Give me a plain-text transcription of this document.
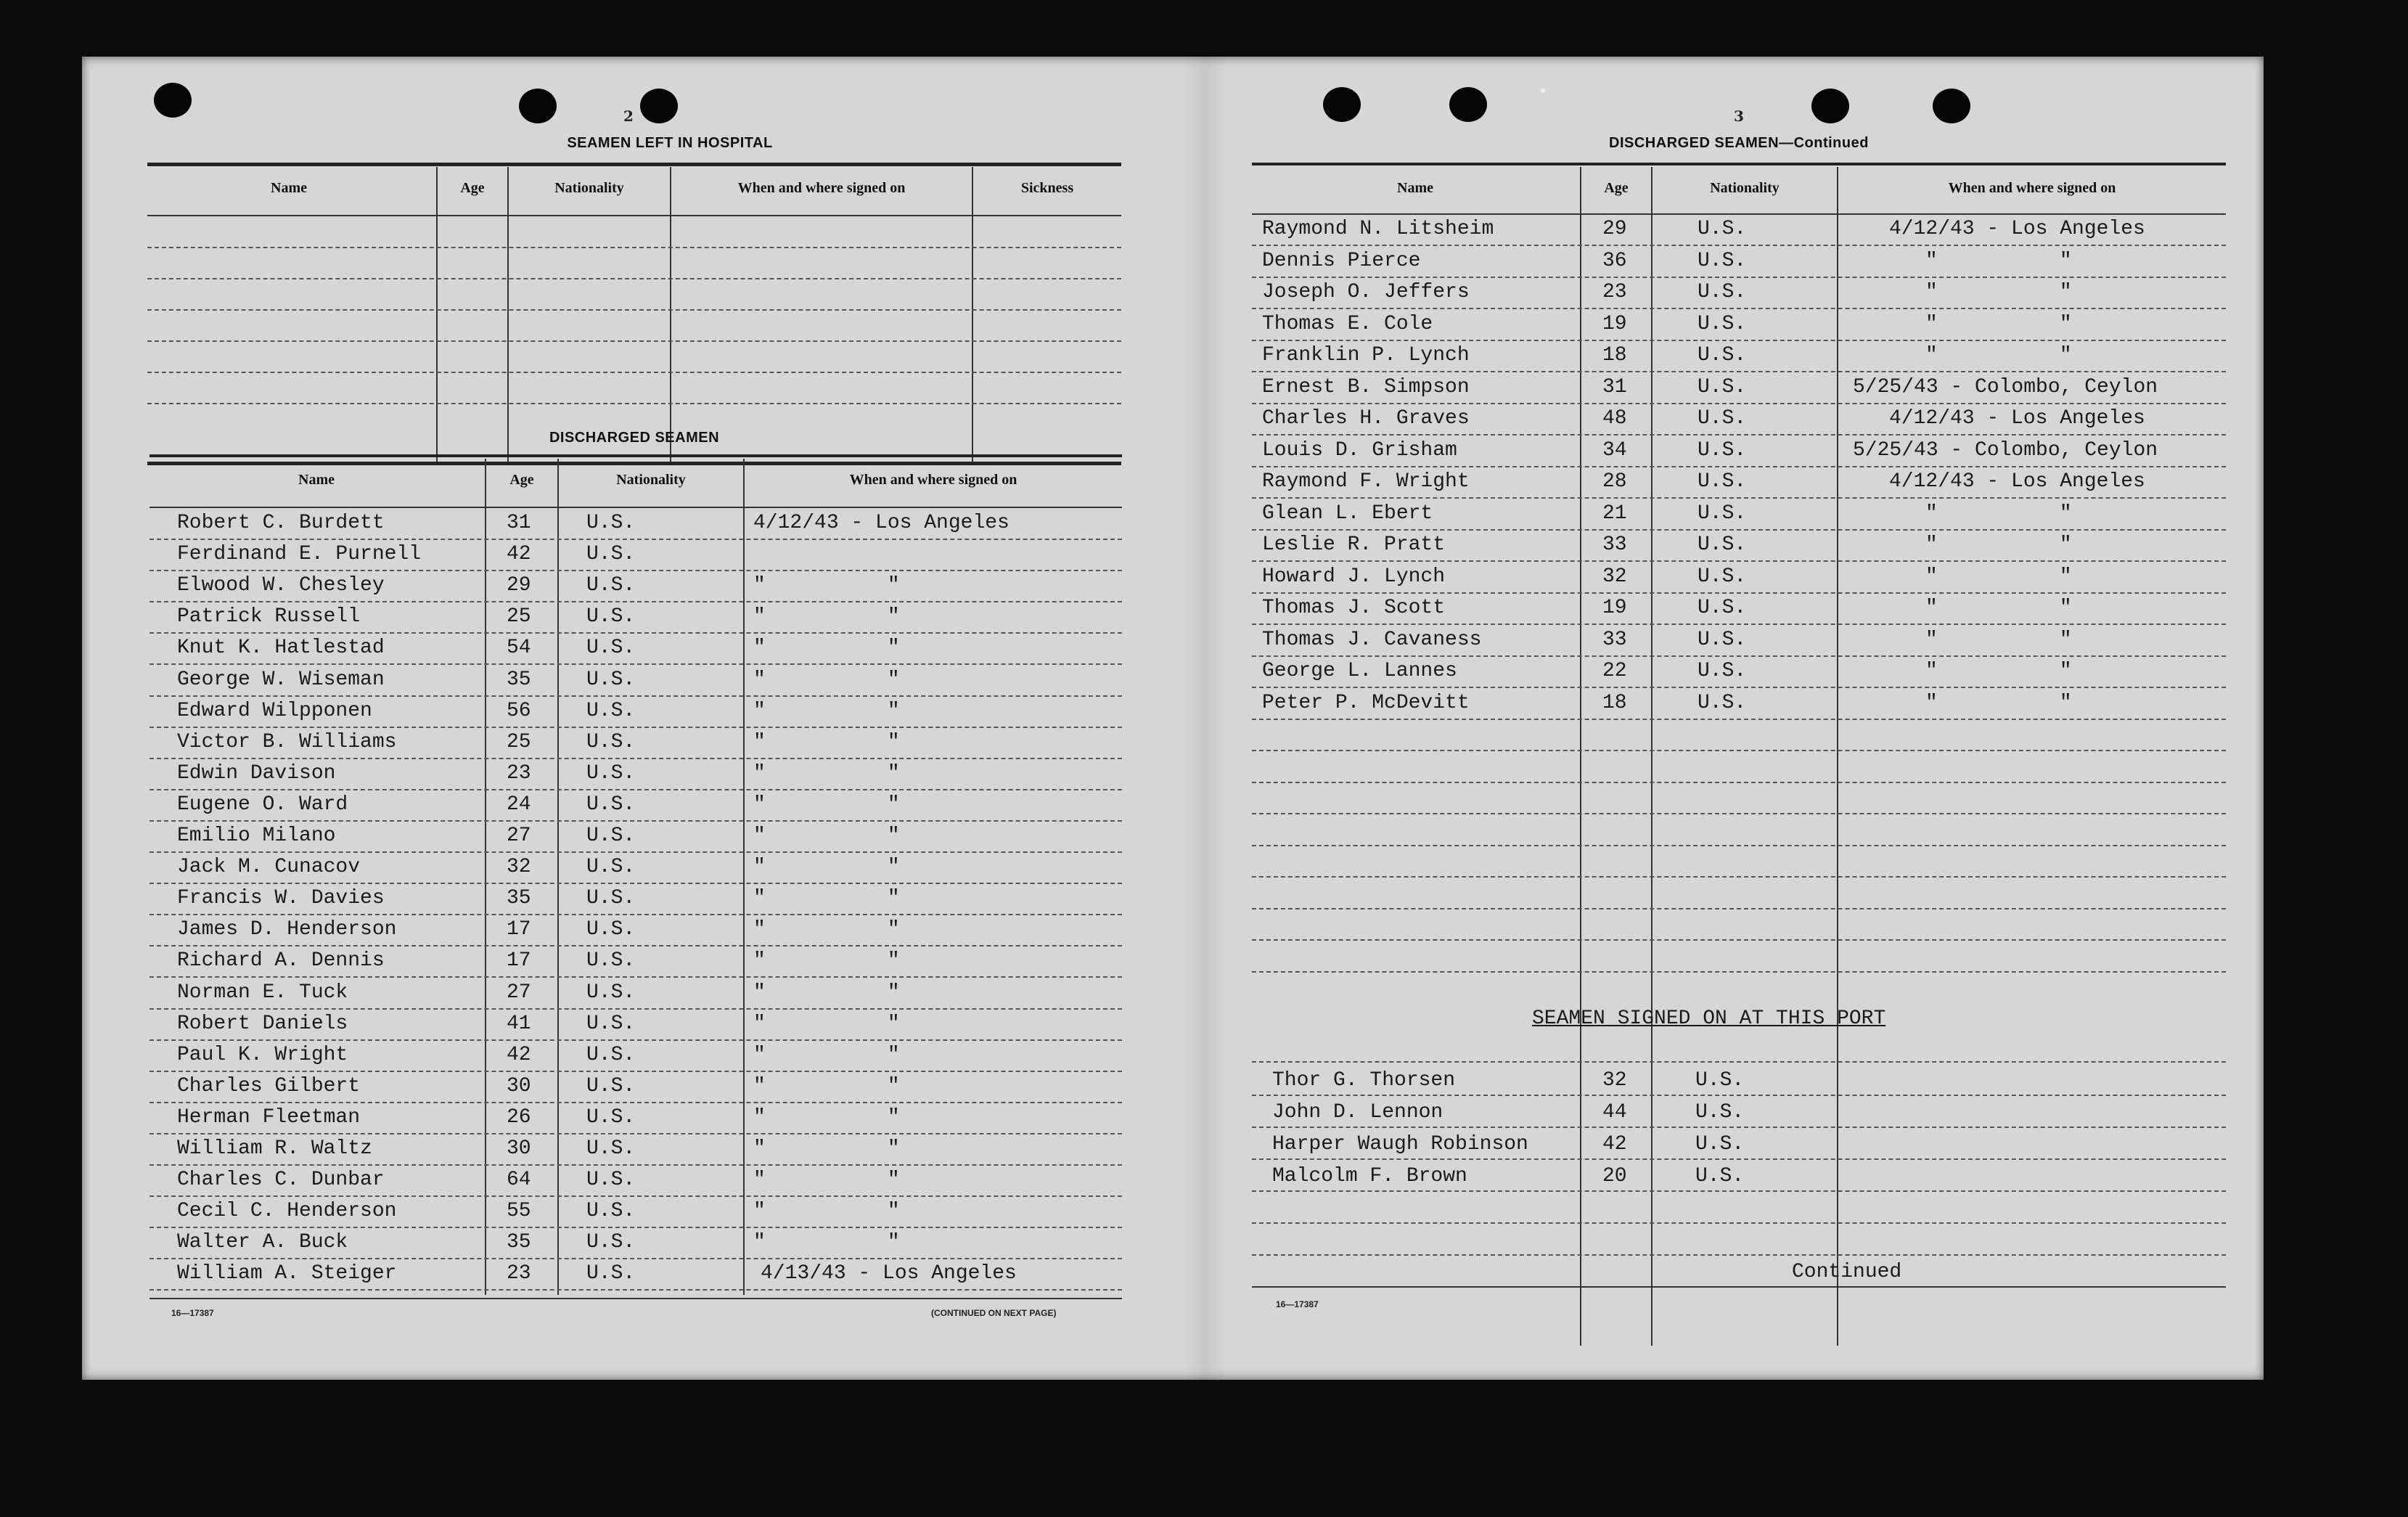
2
SEAMEN LEFT IN HOSPITAL
Name	Age	Nationality	When and where signed on	Sickness
DISCHARGED SEAMEN
Name	Age	Nationality	When and where signed on
Robert C. Burdett	31	U.S.	4/12/43 - Los Angeles
Ferdinand E. Purnell	42	U.S.
Elwood W. Chesley	29	U.S.	"          "
Patrick Russell	25	U.S.	"          "
Knut K. Hatlestad	54	U.S.	"          "
George W. Wiseman	35	U.S.	"          "
Edward Wilpponen	56	U.S.	"          "
Victor B. Williams	25	U.S.	"          "
Edwin Davison	23	U.S.	"          "
Eugene O. Ward	24	U.S.	"          "
Emilio Milano	27	U.S.	"          "
Jack M. Cunacov	32	U.S.	"          "
Francis W. Davies	35	U.S.	"          "
James D. Henderson	17	U.S.	"          "
Richard A. Dennis	17	U.S.	"          "
Norman E. Tuck	27	U.S.	"          "
Robert Daniels	41	U.S.	"          "
Paul K. Wright	42	U.S.	"          "
Charles Gilbert	30	U.S.	"          "
Herman Fleetman	26	U.S.	"          "
William R. Waltz	30	U.S.	"          "
Charles C. Dunbar	64	U.S.	"          "
Cecil C. Henderson	55	U.S.	"          "
Walter A. Buck	35	U.S.	"          "
William A. Steiger	23	U.S.	4/13/43 - Los Angeles
16—17387	(CONTINUED ON NEXT PAGE)
3
DISCHARGED SEAMEN—Continued
Name	Age	Nationality	When and where signed on
Raymond N. Litsheim	29	U.S.	4/12/43 - Los Angeles
Dennis Pierce	36	U.S.	"          "
Joseph O. Jeffers	23	U.S.	"          "
Thomas E. Cole	19	U.S.	"          "
Franklin P. Lynch	18	U.S.	"          "
Ernest B. Simpson	31	U.S.	5/25/43 - Colombo, Ceylon
Charles H. Graves	48	U.S.	4/12/43 - Los Angeles
Louis D. Grisham	34	U.S.	5/25/43 - Colombo, Ceylon
Raymond F. Wright	28	U.S.	4/12/43 - Los Angeles
Glean L. Ebert	21	U.S.	"          "
Leslie R. Pratt	33	U.S.	"          "
Howard J. Lynch	32	U.S.	"          "
Thomas J. Scott	19	U.S.	"          "
Thomas J. Cavaness	33	U.S.	"          "
George L. Lannes	22	U.S.	"          "
Peter P. McDevitt	18	U.S.	"          "
SEAMEN SIGNED ON AT THIS PORT
Thor G. Thorsen	32	U.S.
John D. Lennon	44	U.S.
Harper Waugh Robinson	42	U.S.
Malcolm F. Brown	20	U.S.
Continued
16—17387
